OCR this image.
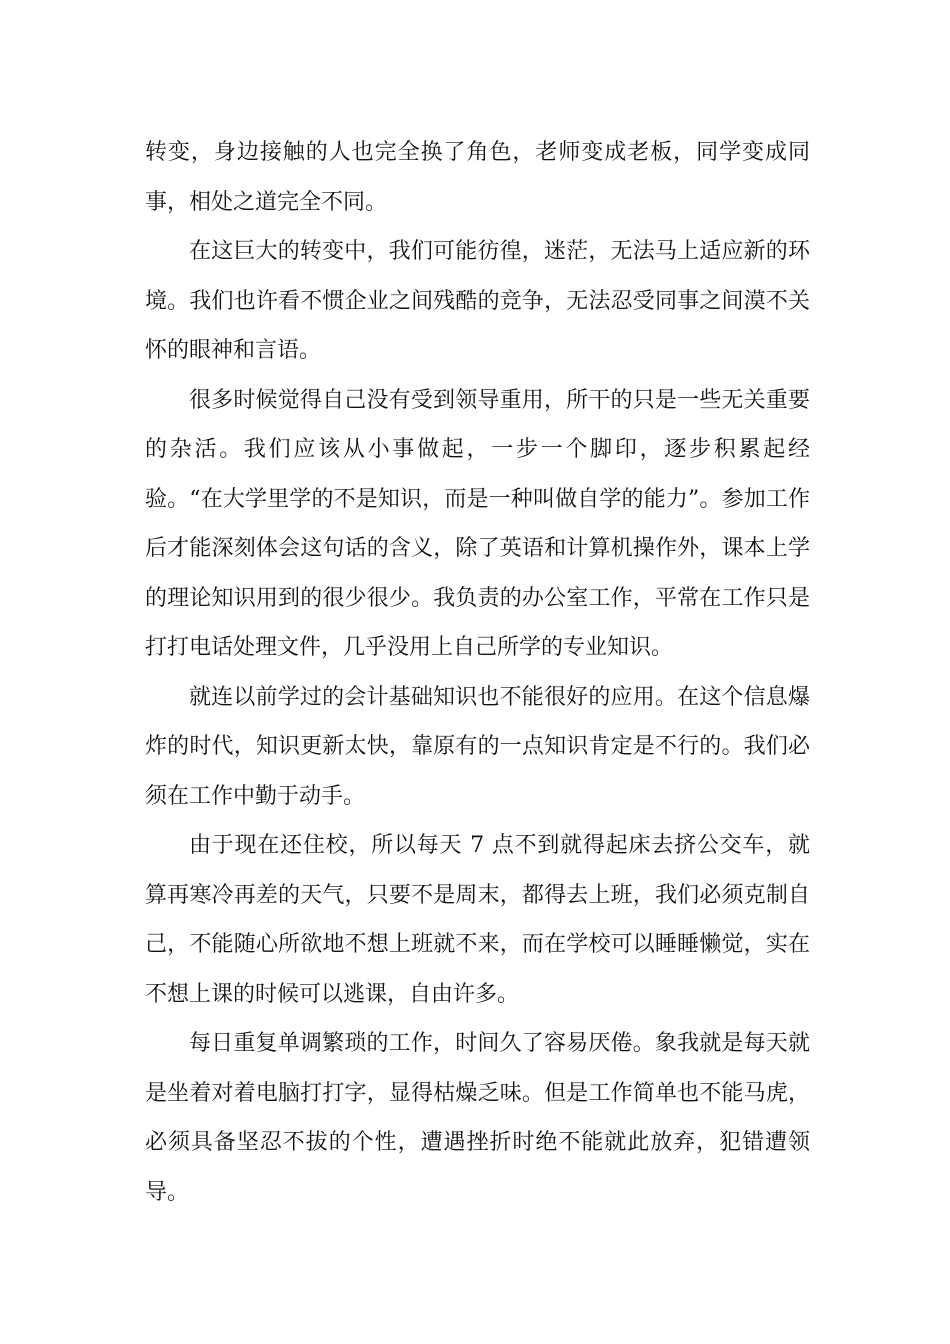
转变，身边接触的人也完全换了角色，老师变成老板，同学变成同事，相处之道完全不同。

在这巨大的转变中，我们可能彷徨，迷茫，无法马上适应新的环境。我们也许看不惯企业之间残酷的竞争，无法忍受同事之间漠不关怀的眼神和言语。

很多时候觉得自己没有受到领导重用，所干的只是一些无关重要的杂活。我们应该从小事做起，一步一个脚印，逐步积累起经验。“在大学里学的不是知识，而是一种叫做自学的能力”。参加工作后才能深刻体会这句话的含义，除了英语和计算机操作外，课本上学的理论知识用到的很少很少。我负责的办公室工作，平常在工作只是打打电话处理文件，几乎没用上自己所学的专业知识。

就连以前学过的会计基础知识也不能很好的应用。在这个信息爆炸的时代，知识更新太快，靠原有的一点知识肯定是不行的。我们必须在工作中勤于动手。

由于现在还住校，所以每天 7 点不到就得起床去挤公交车，就算再寒冷再差的天气，只要不是周末，都得去上班，我们必须克制自己，不能随心所欲地不想上班就不来，而在学校可以睡睡懒觉，实在不想上课的时候可以逃课，自由许多。

每日重复单调繁琐的工作，时间久了容易厌倦。象我就是每天就是坐着对着电脑打打字，显得枯燥乏味。但是工作简单也不能马虎，必须具备坚忍不拔的个性，遭遇挫折时绝不能就此放弃，犯错遭领导。
